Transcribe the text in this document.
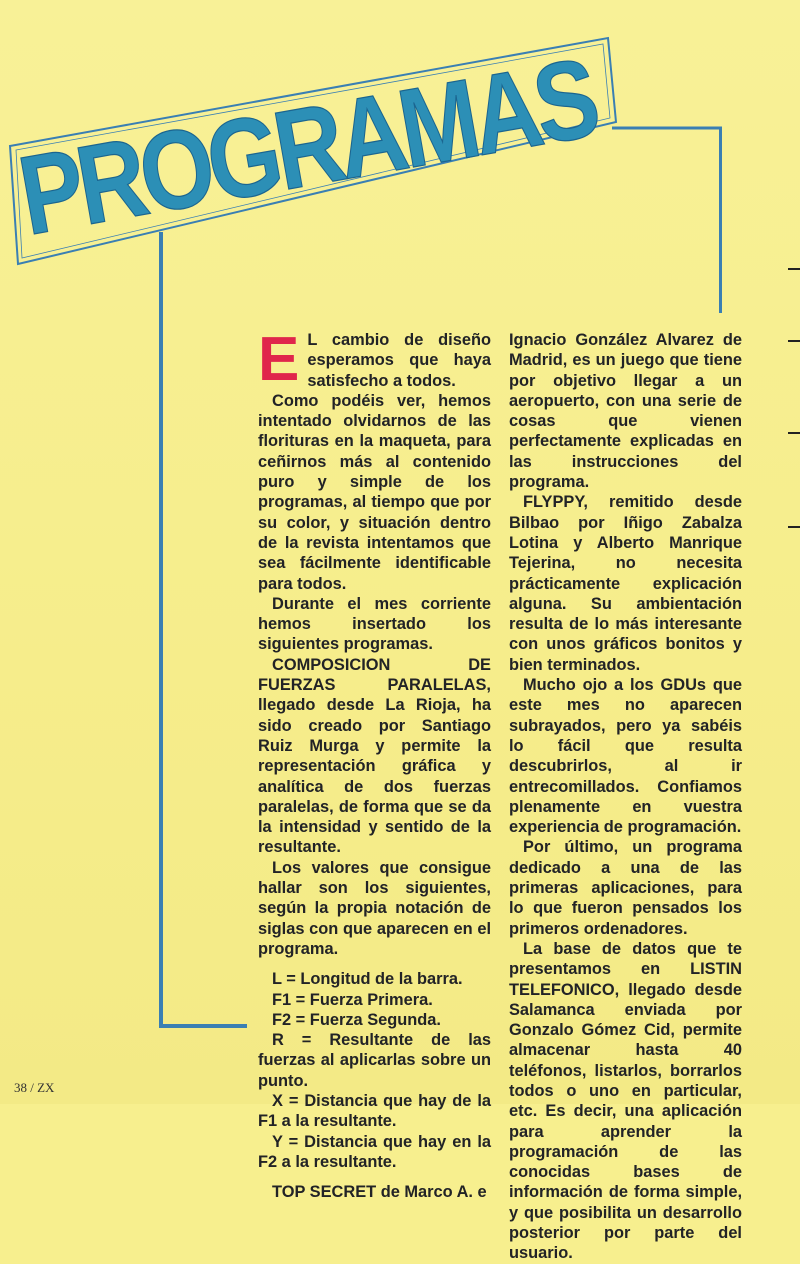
PROGRAMAS
E L cambio de diseño esperamos que haya satisfecho a todos.

Como podéis ver, hemos intentado olvidarnos de las florituras en la maqueta, para ceñirnos más al contenido puro y simple de los programas, al tiempo que por su color, y situación dentro de la revista intentamos que sea fácilmente identificable para todos.

Durante el mes corriente hemos insertado los siguientes programas.

COMPOSICION DE FUERZAS PARALELAS, llegado desde La Rioja, ha sido creado por Santiago Ruiz Murga y permite la representación gráfica y analítica de dos fuerzas paralelas, de forma que se da la intensidad y sentido de la resultante.

Los valores que consigue hallar son los siguientes, según la propia notación de siglas con que aparecen en el programa.

L = Longitud de la barra.
F1 = Fuerza Primera.
F2 = Fuerza Segunda.
R = Resultante de las fuerzas al aplicarlas sobre un punto.
X = Distancia que hay de la F1 a la resultante.
Y = Distancia que hay en la F2 a la resultante.

TOP SECRET de Marco A. e

Ignacio González Alvarez de Madrid, es un juego que tiene por objetivo llegar a un aeropuerto, con una serie de cosas que vienen perfectamente explicadas en las instrucciones del programa.

FLYPPY, remitido desde Bilbao por Iñigo Zabalza Lotina y Alberto Manrique Tejerina, no necesita prácticamente explicación alguna. Su ambientación resulta de lo más interesante con unos gráficos bonitos y bien terminados.

Mucho ojo a los GDUs que este mes no aparecen subrayados, pero ya sabéis lo fácil que resulta descubrirlos, al ir entrecomillados. Confiamos plenamente en vuestra experiencia de programación.

Por último, un programa dedicado a una de las primeras aplicaciones, para lo que fueron pensados los primeros ordenadores.

La base de datos que te presentamos en LISTIN TELEFONICO, llegado desde Salamanca enviada por Gonzalo Gómez Cid, permite almacenar hasta 40 teléfonos, listarlos, borrarlos todos o uno en particular, etc. Es decir, una aplicación para aprender la programación de las conocidas bases de información de forma simple, y que posibilita un desarrollo posterior por parte del usuario.

38 / ZX
